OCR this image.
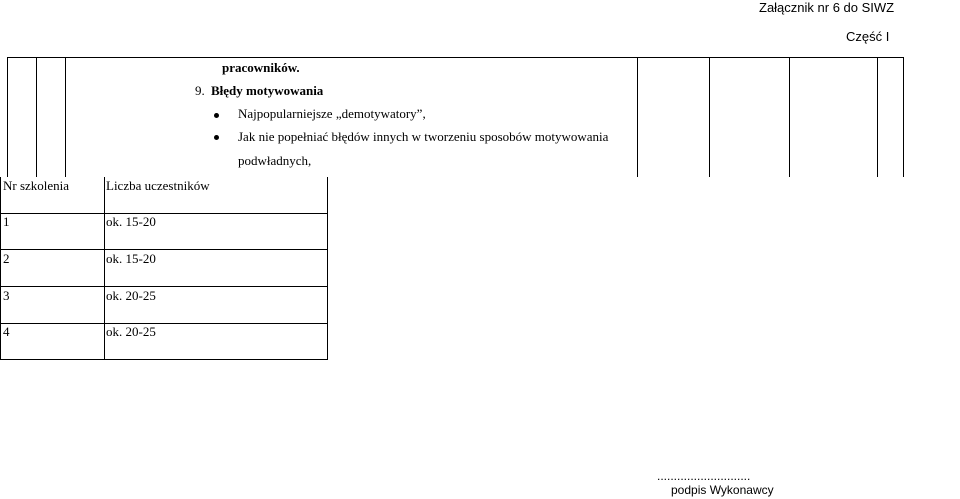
Załącznik nr 6 do SIWZ
Część I
pracowników.
9. Błędy motywowania
Najpopularniejsze „demotywatory”,
Jak nie popełniać błędów innych w tworzeniu sposobów motywowania
podwładnych,
Nr szkolenia	Liczba uczestników
1	ok. 15-20
2	ok. 15-20
3	ok. 20-25
4	ok. 20-25
............................
podpis Wykonawcy
